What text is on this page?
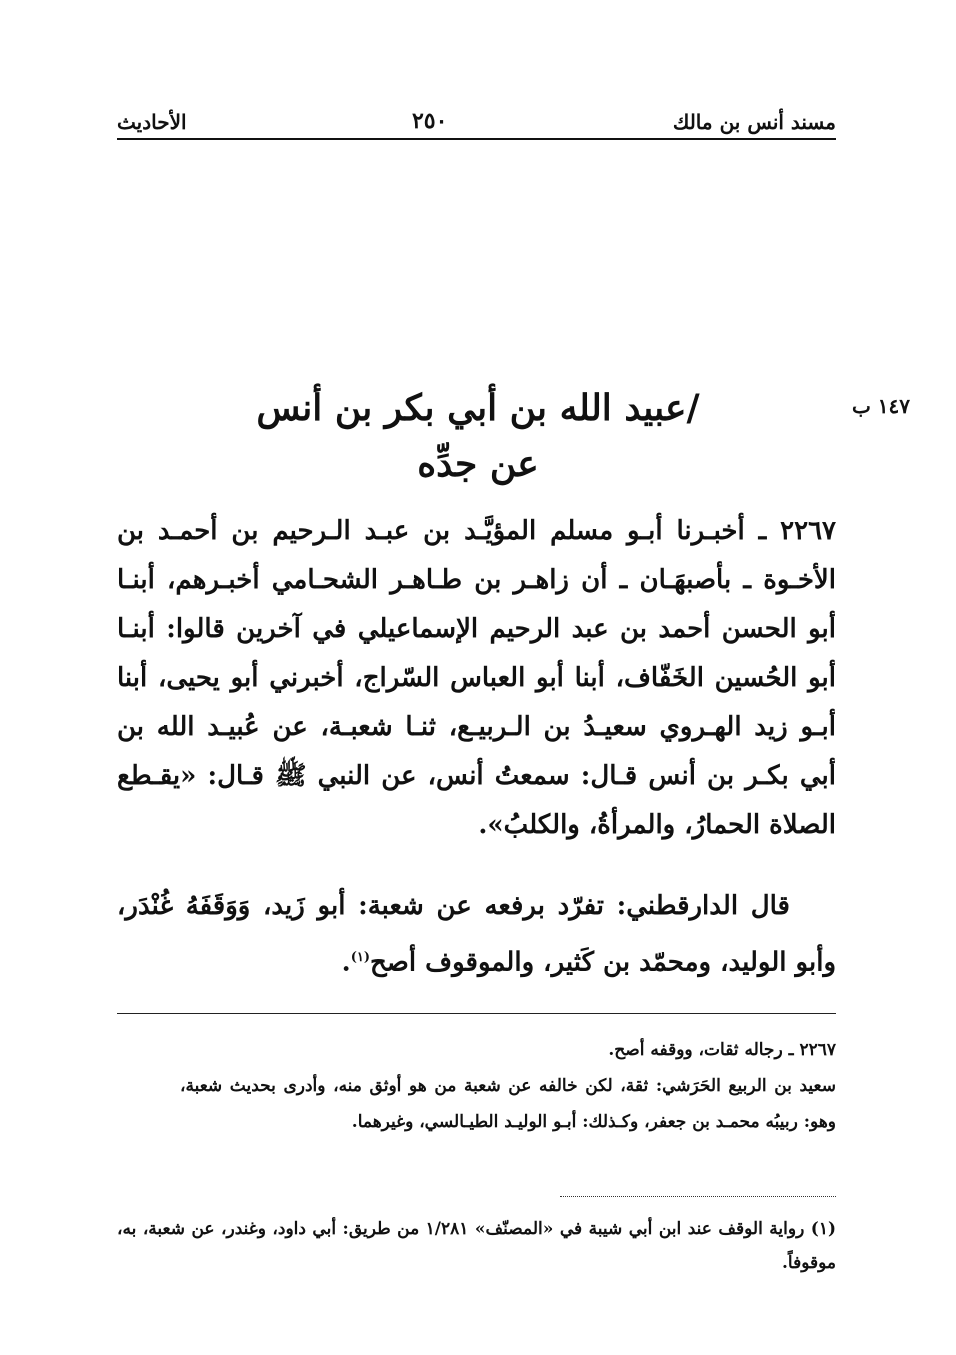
مسند أنس بن مالك
٢٥٠
الأحاديث
١٤٧ ب
/عبيد الله بن أبي بكر بن أنس
عن جدِّه
٢٢٦٧ ـ أخبـرنا أبـو مسلم المؤيَّـد بن عبـد الـرحيم بن أحمـد بن الأخـوة ـ بأصبهَـان ـ أن زاهـر بن طـاهـر الشحـامي أخبـرهم، أبنـا أبو الحسن أحمد بن عبد الرحيم الإسماعيلي في آخرين قالوا: أبنـا أبو الحُسين الخَفّاف، أبنا أبو العباس السّراج، أخبرني أبو يحيى، أبنا أبـو زيد الهـروي سعيـدُ بن الـربيـع، ثنـا شعبـة، عن عُبيـد الله بن أبي بكـر بن أنس قـال: سمعتُ أنس، عن النبي ﷺ قـال: «يقـطع الصلاة الحمارُ، والمرأةُ، والكلبُ».
قال الدارقطني: تفرّد برفعه عن شعبة: أبو زَيد، وَوَقَفَهُ غُنْدَر، وأبو الوليد، ومحمّد بن كَثير، والموقوف أصح$^{(١)}$.

٢٢٦٧ ـ رجاله ثقات، ووقفه أصح.

سعيد بن الربيع الحَرَشي: ثقة، لكن خالفه عن شعبة من هو أوثق منه، وأدرى بحديث شعبة، وهو: ربيبُه محمـد بن جعفر، وكـذلك: أبـو الوليـد الطيـالسي، وغيرهما.

(١) رواية الوقف عند ابن أبي شيبة في «المصنّف» ١/٢٨١ من طريق: أبي داود، وغندر، عن شعبة، به، موقوفاً.
